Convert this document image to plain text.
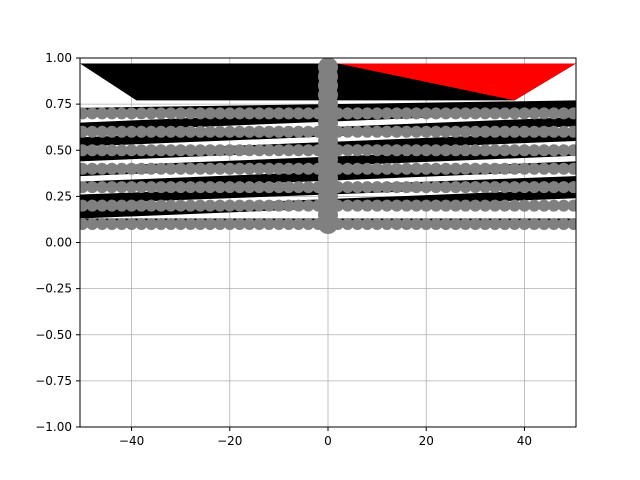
−40	−20	0	20	40
−1.00
−0.75
−0.50
−0.25
0.00
0.25
0.50
0.75
1.00
